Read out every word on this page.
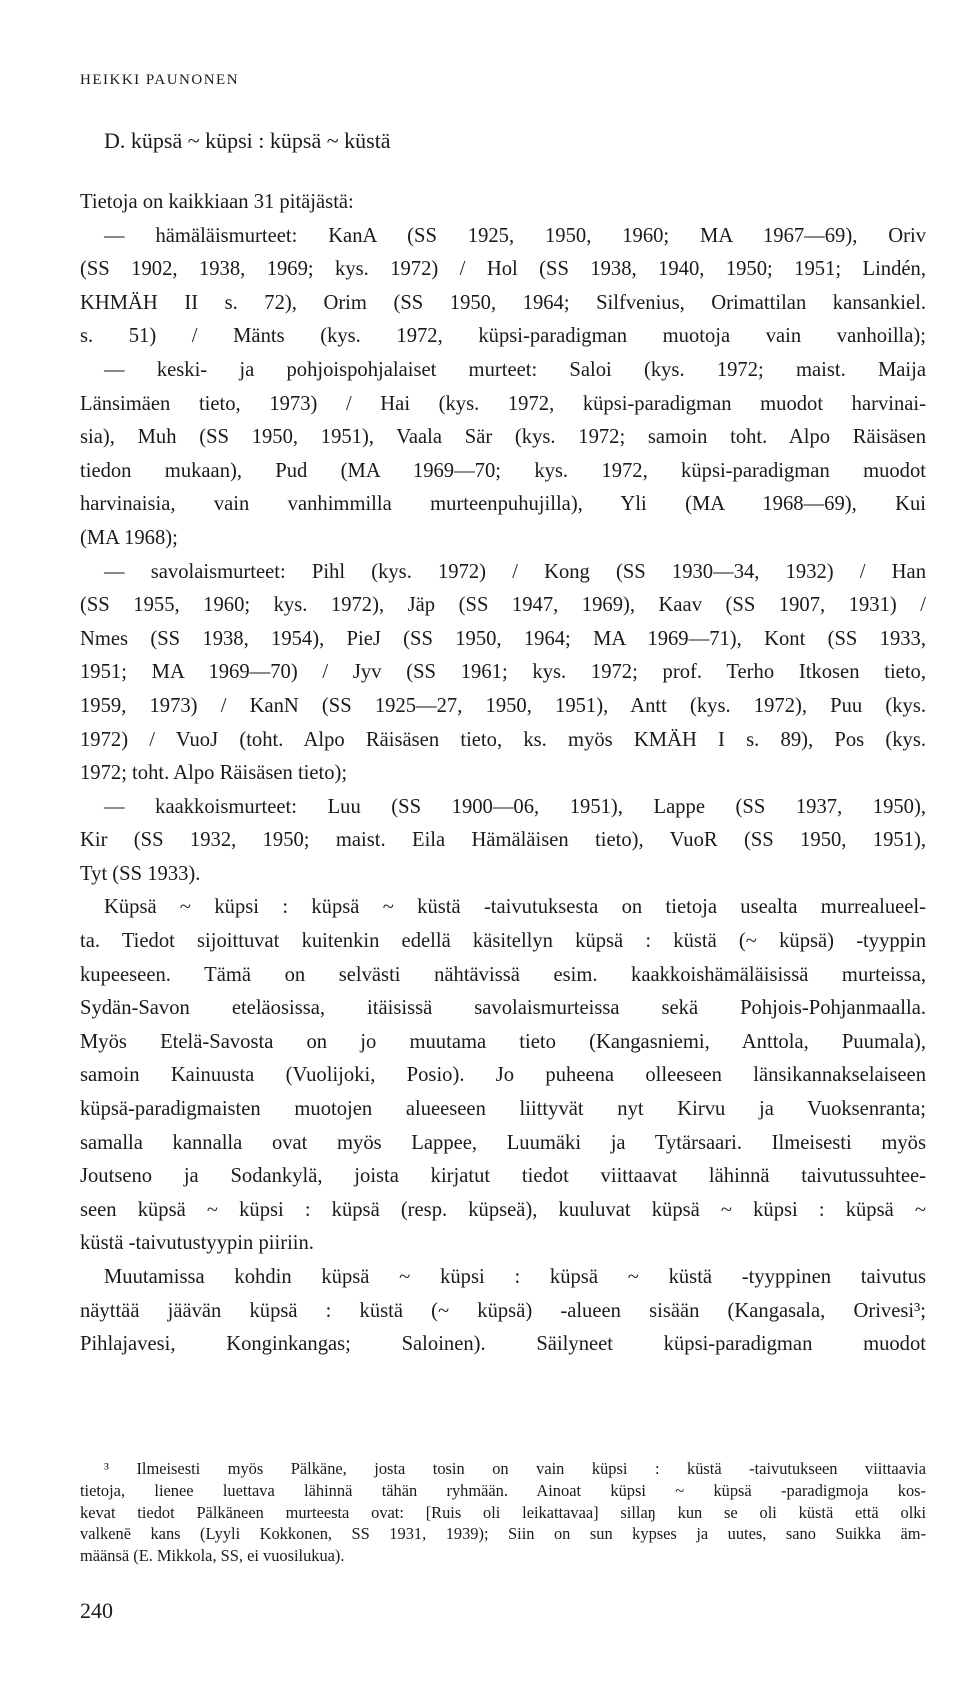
HEIKKI PAUNONEN
D. küpsä ~ küpsi : küpsä ~ küstä
Tietoja on kaikkiaan 31 pitäjästä:
— hämäläismurteet: KanA (SS 1925, 1950, 1960; MA 1967—69), Oriv
(SS 1902, 1938, 1969; kys. 1972) / Hol (SS 1938, 1940, 1950; 1951; Lindén,
KHMÄH II s. 72), Orim (SS 1950, 1964; Silfvenius, Orimattilan kansankiel.
s. 51) / Mänts (kys. 1972, küpsi-paradigman muotoja vain vanhoilla);
— keski- ja pohjoispohjalaiset murteet: Saloi (kys. 1972; maist. Maija
Länsimäen tieto, 1973) / Hai (kys. 1972, küpsi-paradigman muodot harvinai-
sia), Muh (SS 1950, 1951), Vaala Sär (kys. 1972; samoin toht. Alpo Räisäsen
tiedon mukaan), Pud (MA 1969—70; kys. 1972, küpsi-paradigman muodot
harvinaisia, vain vanhimmilla murteenpuhujilla), Yli (MA 1968—69), Kui
(MA 1968);
— savolaismurteet: Pihl (kys. 1972) / Kong (SS 1930—34, 1932) / Han
(SS 1955, 1960; kys. 1972), Jäp (SS 1947, 1969), Kaav (SS 1907, 1931) /
Nmes (SS 1938, 1954), PieJ (SS 1950, 1964; MA 1969—71), Kont (SS 1933,
1951; MA 1969—70) / Jyv (SS 1961; kys. 1972; prof. Terho Itkosen tieto,
1959, 1973) / KanN (SS 1925—27, 1950, 1951), Antt (kys. 1972), Puu (kys.
1972) / VuoJ (toht. Alpo Räisäsen tieto, ks. myös KMÄH I s. 89), Pos (kys.
1972; toht. Alpo Räisäsen tieto);
— kaakkoismurteet: Luu (SS 1900—06, 1951), Lappe (SS 1937, 1950),
Kir (SS 1932, 1950; maist. Eila Hämäläisen tieto), VuoR (SS 1950, 1951),
Tyt (SS 1933).
Küpsä ~ küpsi : küpsä ~ küstä -taivutuksesta on tietoja usealta murrealueel-
ta. Tiedot sijoittuvat kuitenkin edellä käsitellyn küpsä : küstä (~ küpsä) -tyyppin
kupeeseen. Tämä on selvästi nähtävissä esim. kaakkoishämäläisissä murteissa,
Sydän-Savon eteläosissa, itäisissä savolaismurteissa sekä Pohjois-Pohjanmaalla.
Myös Etelä-Savosta on jo muutama tieto (Kangasniemi, Anttola, Puumala),
samoin Kainuusta (Vuolijoki, Posio). Jo puheena olleeseen länsikannakselaiseen
küpsä-paradigmaisten muotojen alueeseen liittyvät nyt Kirvu ja Vuoksenranta;
samalla kannalla ovat myös Lappee, Luumäki ja Tytärsaari. Ilmeisesti myös
Joutseno ja Sodankylä, joista kirjatut tiedot viittaavat lähinnä taivutussuhtee-
seen küpsä ~ küpsi : küpsä (resp. küpseä), kuuluvat küpsä ~ küpsi : küpsä ~
küstä -taivutustyypin piiriin.
Muutamissa kohdin küpsä ~ küpsi : küpsä ~ küstä -tyyppinen taivutus
näyttää jäävän küpsä : küstä (~ küpsä) -alueen sisään (Kangasala, Orivesi³;
Pihlajavesi, Konginkangas; Saloinen). Säilyneet küpsi-paradigman muodot
³ Ilmeisesti myös Pälkäne, josta tosin on vain küpsi : küstä -taivutukseen viittaavia
tietoja, lienee luettava lähinnä tähän ryhmään. Ainoat küpsi ~ küpsä -paradigmoja kos-
kevat tiedot Pälkäneen murteesta ovat: [Ruis oli leikattavaa] sillaŋ kun se oli küstä että olki
valkenē kans (Lyyli Kokkonen, SS 1931, 1939); Siin on sun kypses ja uutes, sano Suikka äm-
määnsä (E. Mikkola, SS, ei vuosilukua).
240
